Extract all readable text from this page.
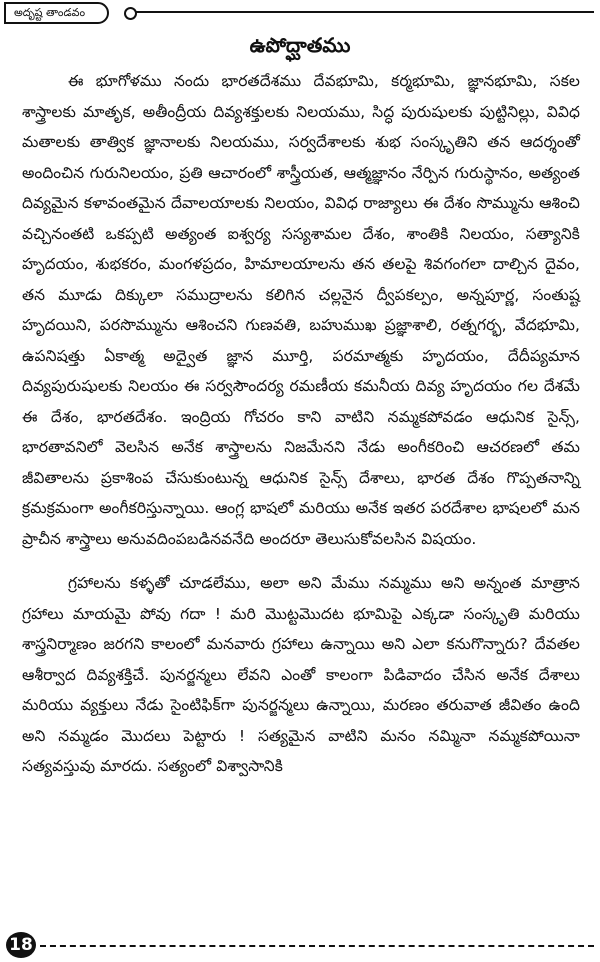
అదృష్ట తాండవం
ఉపోద్ఘాతము

ఈ భూగోళము నందు భారతదేశము దేవభూమి, కర్మభూమి, జ్ఞానభూమి, సకల శాస్త్రాలకు మాతృక, అతీంద్రీయ దివ్యశక్తులకు నిలయము, సిద్ధ పురుషులకు పుట్టినిల్లు, వివిధ మతాలకు తాత్విక జ్ఞానాలకు నిలయము, సర్వదేశాలకు శుభ సంస్కృతిని తన ఆదర్శంతో అందించిన గురునిలయం, ప్రతి ఆచారంలో శాస్త్రీయత, ఆత్మజ్ఞానం నేర్పిన గురుస్థానం, అత్యంత దివ్యమైన కళావంతమైన దేవాలయాలకు నిలయం, వివిధ రాజ్యాలు ఈ దేశం సొమ్మును ఆశించి వచ్చినంతటి ఒకప్పటి అత్యంత ఐశ్వర్య సస్యశామల దేశం, శాంతికి నిలయం, సత్యానికి హృదయం, శుభకరం, మంగళప్రదం, హిమాలయాలను తన తలపై శివగంగలా దాల్చిన దైవం, తన మూడు దిక్కులా సముద్రాలను కలిగిన చల్లనైన ద్వీపకల్పం, అన్నపూర్ణ, సంతుష్ట హృదయిని, పరసొమ్మును ఆశించని గుణవతి, బహుముఖ ప్రజ్ఞాశాలి, రత్నగర్భ, వేదభూమి, ఉపనిషత్తు ఏకాత్మ అద్వైత జ్ఞాన మూర్తి, పరమాత్మకు హృదయం, దేదీప్యమాన దివ్యపురుషులకు నిలయం ఈ సర్వసౌందర్య రమణీయ కమనీయ దివ్య హృదయం గల దేశమే ఈ దేశం, భారతదేశం. ఇంద్రియ గోచరం కాని వాటిని నమ్మకపోవడం ఆధునిక సైన్స్, భారతావనిలో వెలసిన అనేక శాస్త్రాలను నిజమేనని నేడు అంగీకరించి ఆచరణలో తమ జీవితాలను ప్రకాశింప చేసుకుంటున్న ఆధునిక సైన్స్ దేశాలు, భారత దేశం గొప్పతనాన్ని క్రమక్రమంగా అంగీకరిస్తున్నాయి. ఆంగ్ల భాషలో మరియు అనేక ఇతర పరదేశాల భాషలలో మన ప్రాచీన శాస్త్రాలు అనువదింపబడినవనేది అందరూ తెలుసుకోవలసిన విషయం.

గ్రహాలను కళ్ళతో చూడలేము, అలా అని మేము నమ్మము అని అన్నంత మాత్రాన గ్రహాలు మాయమై పోవు గదా ! మరి మొట్టమొదట భూమిపై ఎక్కడా సంస్కృతి మరియు శాస్త్రనిర్మాణం జరగని కాలంలో మనవారు గ్రహాలు ఉన్నాయి అని ఎలా కనుగొన్నారు? దేవతల ఆశీర్వాద దివ్యశక్తిచే. పునర్జన్మలు లేవని ఎంతో కాలంగా పిడివాదం చేసిన అనేక దేశాలు మరియు వ్యక్తులు నేడు సైంటిఫిక్‌గా పునర్జన్మలు ఉన్నాయి, మరణం తరువాత జీవితం ఉంది అని నమ్మడం మొదలు పెట్టారు ! సత్యమైన వాటిని మనం నమ్మినా నమ్మకపోయినా సత్యవస్తువు మారదు. సత్యంలో విశ్వాసానికి

18
